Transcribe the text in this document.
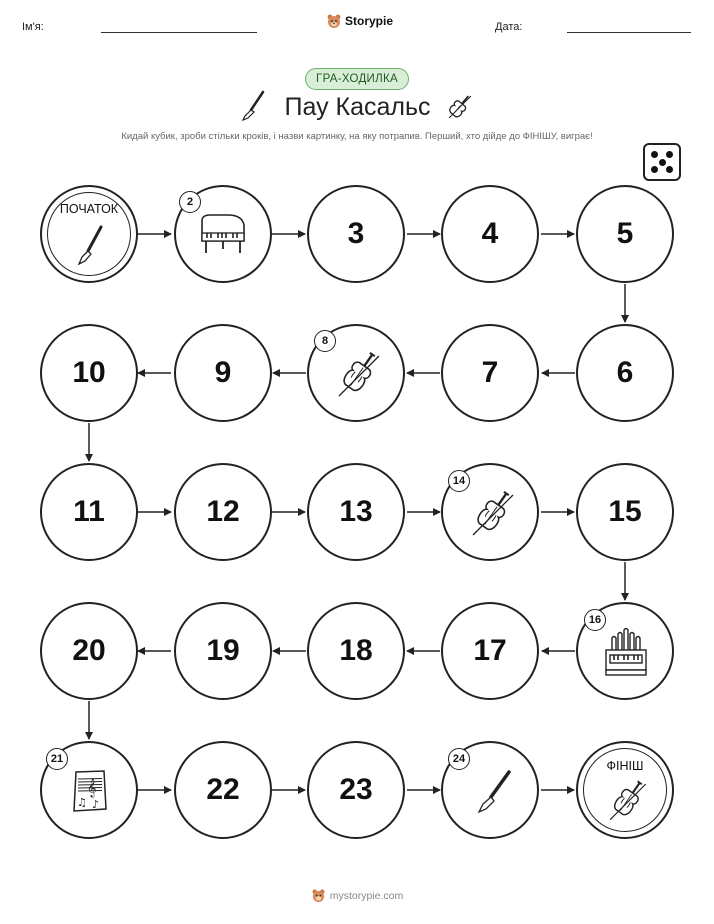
Ім'я:	Storypie	Дата:
ГРА-ХОДИЛКА
Пау Касальс
Кидай кубик, зроби стільки кроків, і назви картинку, на яку потрапив. Перший, хто дійде до ФІНІШУ, виграє!
ПОЧАТОК	2
3	4	5
6
7
8
9
10
11	12	13
14
15
16
17
18
19
20
𝄞
♫ ♪
21
22	23
24	ФІНІШ
mystorypie.com
